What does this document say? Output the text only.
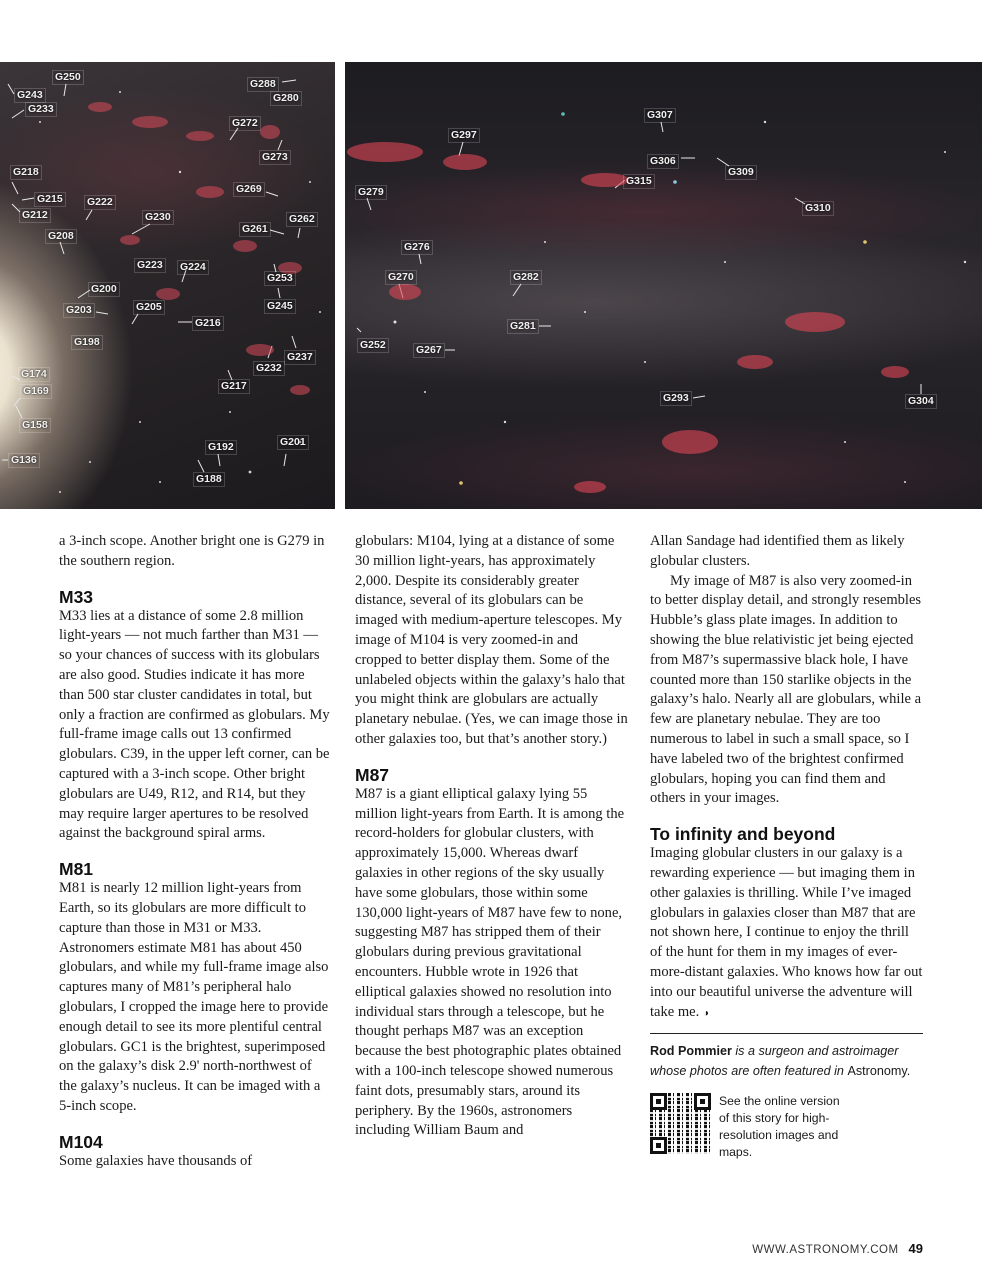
G250
G243
G233
G288
G280
G272
G273
G218
G215
G212
G222
G230
G269
G208
G261
G262
G223 G224
G253
G200
G203	G205	G245
G216
G198
G237
G232
G174
G169	G217
G158
G192	G201
G136
G188
G307
G297
G306
G309
G315
G279
G310
G276
G270	G282
G281
G252	G267
G293	G304

a 3-inch scope. Another bright one is G279 in the southern region.

M33

M33 lies at a distance of some 2.8 million light-years — not much farther than M31 — so your chances of success with its globulars are also good. Studies indicate it has more than 500 star cluster candidates in total, but only a fraction are confirmed as globulars. My full-frame image calls out 13 confirmed globulars. C39, in the upper left corner, can be captured with a 3-inch scope. Other bright globulars are U49, R12, and R14, but they may require larger apertures to be resolved against the background spiral arms.

M81

M81 is nearly 12 million light-years from Earth, so its globulars are more difficult to capture than those in M31 or M33. Astronomers estimate M81 has about 450 globulars, and while my full-frame image also captures many of M81’s peripheral halo globulars, I cropped the image here to provide enough detail to see its more plentiful central globulars. GC1 is the brightest, superimposed on the galaxy’s disk 2.9' north-northwest of the galaxy’s nucleus. It can be imaged with a 5-inch scope.

M104

Some galaxies have thousands of

globulars: M104, lying at a distance of some 30 million light-years, has approximately 2,000. Despite its considerably greater distance, several of its globulars can be imaged with medium-aperture telescopes. My image of M104 is very zoomed-in and cropped to better display them. Some of the unlabeled objects within the galaxy’s halo that you might think are globulars are actually planetary nebulae. (Yes, we can image those in other galaxies too, but that’s another story.)

M87

M87 is a giant elliptical galaxy lying 55 million light-years from Earth. It is among the record-holders for globular clusters, with approximately 15,000. Whereas dwarf galaxies in other regions of the sky usually have some globulars, those within some 130,000 light-years of M87 have few to none, suggesting M87 has stripped them of their globulars during previous gravitational encounters. Hubble wrote in 1926 that elliptical galaxies showed no resolution into individual stars through a telescope, but he thought perhaps M87 was an exception because the best photographic plates obtained with a 100-inch telescope showed numerous faint dots, presumably stars, around its periphery. By the 1960s, astronomers including William Baum and

Allan Sandage had identified them as likely globular clusters.

My image of M87 is also very zoomed-in to better display detail, and strongly resembles Hubble’s glass plate images. In addition to showing the blue relativistic jet being ejected from M87’s supermassive black hole, I have counted more than 150 starlike objects in the galaxy’s halo. Nearly all are globulars, while a few are planetary nebulae. They are too numerous to label in such a small space, so I have labeled two of the brightest confirmed globulars, hoping you can find them and others in your images.

To infinity and beyond

Imaging globular clusters in our galaxy is a rewarding experience — but imaging them in other galaxies is thrilling. While I’ve imaged globulars in galaxies closer than M87 that are not shown here, I continue to enjoy the thrill of the hunt for them in my images of ever-more-distant galaxies. Who knows how far out into our beautiful universe the adventure will take me. ◑

Rod Pommier is a surgeon and astroimager whose photos are often featured in Astronomy.

See the online version of this story for high-resolution images and maps.
WWW.ASTRONOMY.COM 49
